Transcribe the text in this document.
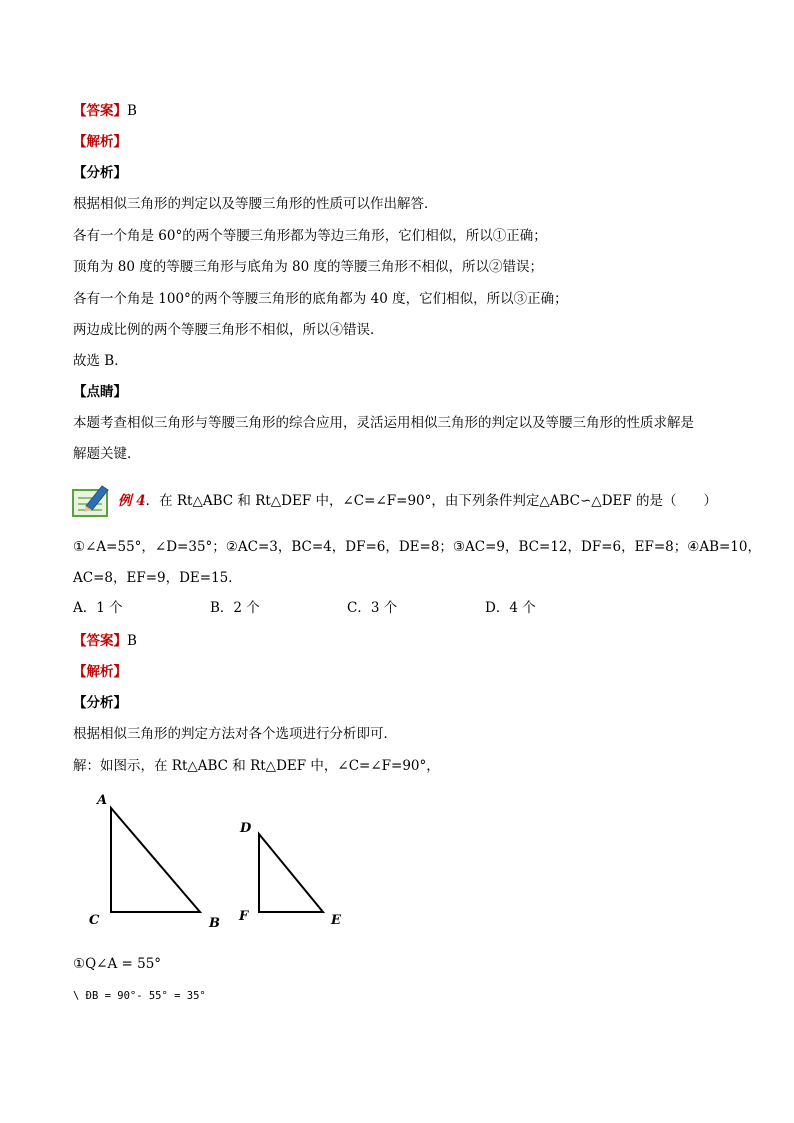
【答案】B
【解析】
【分析】
根据相似三角形的判定以及等腰三角形的性质可以作出解答．
各有一个角是 60°的两个等腰三角形都为等边三角形，它们相似，所以①正确；
顶角为 80 度的等腰三角形与底角为 80 度的等腰三角形不相似，所以②错误；
各有一个角是 100°的两个等腰三角形的底角都为 40 度，它们相似，所以③正确；
两边成比例的两个等腰三角形不相似，所以④错误．
故选 B．
【点睛】
本题考查相似三角形与等腰三角形的综合应用，灵活运用相似三角形的判定以及等腰三角形的性质求解是
解题关键．
例 4．在 Rt△ABC 和 Rt△DEF 中，∠C=∠F=90°，由下列条件判定△ABC∽△DEF 的是（　　）
①∠A=55°，∠D=35°；②AC=3，BC=4，DF=6，DE=8；③AC=9，BC=12，DF=6，EF=8；④AB=10，
AC=8，EF=9，DE=15．
A．1 个	B．2 个	C．3 个	D．4 个
【答案】B
【解析】
【分析】
根据相似三角形的判定方法对各个选项进行分析即可．
解：如图示，在 Rt△ABC 和 Rt△DEF 中，∠C=∠F=90°，
A
C	B
D
F	E
①Q∠A = 55°
\ ÐB = 90°- 55° = 35°
